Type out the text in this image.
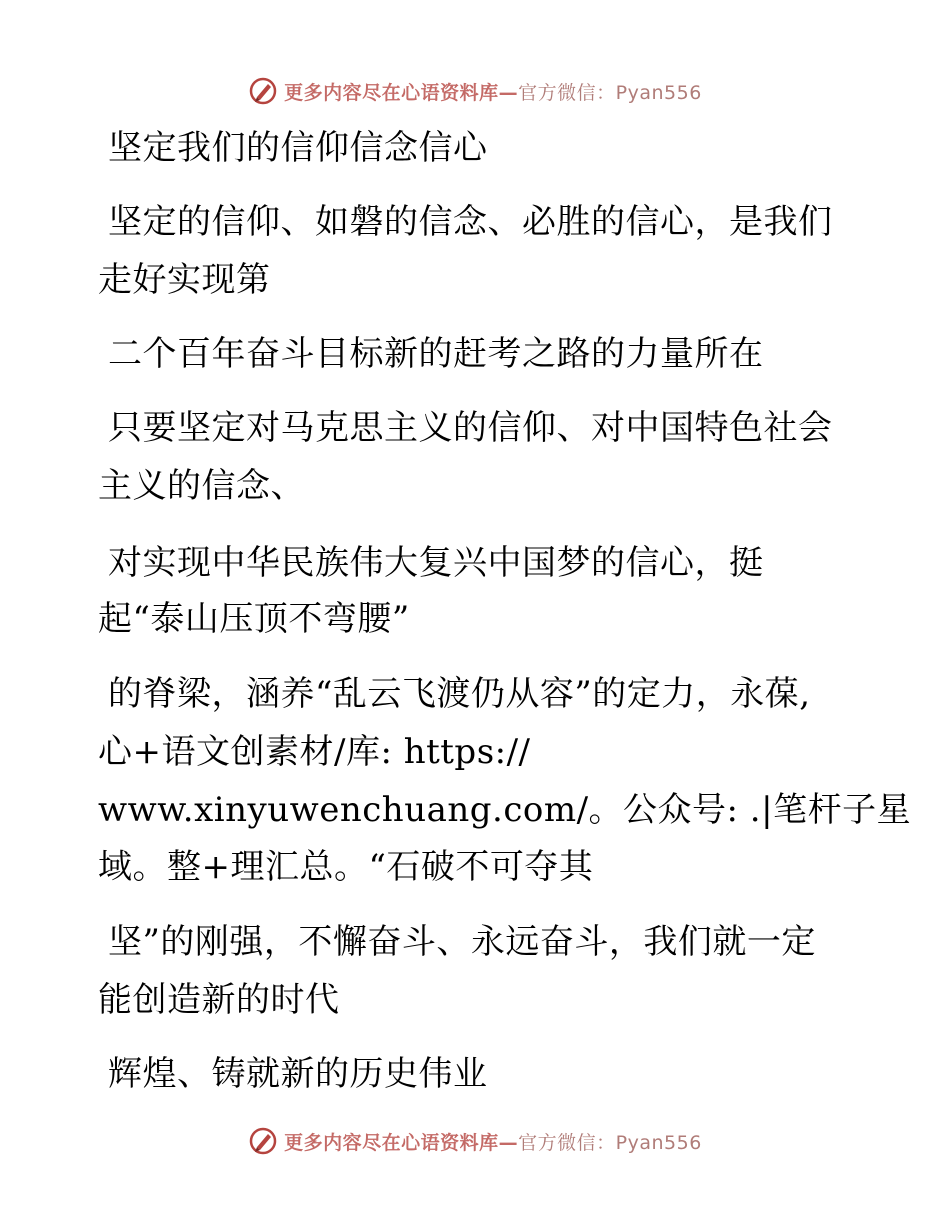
更多内容尽在心语资料库—官方微信：Pyan556
坚定我们的信仰信念信心
坚定的信仰、如磐的信念、必胜的信心，是我们
走好实现第
二个百年奋斗目标新的赶考之路的力量所在
只要坚定对马克思主义的信仰、对中国特色社会
主义的信念、
对实现中华民族伟大复兴中国梦的信心，挺
起“泰山压顶不弯腰”
的脊梁，涵养“乱云飞渡仍从容”的定力，永葆,
心+语文创素材/库: https://
www.xinyuwenchuang.com/。公众号: .|笔杆子星
域。整+理汇总。“石破不可夺其
坚”的刚强，不懈奋斗、永远奋斗，我们就一定
能创造新的时代
辉煌、铸就新的历史伟业
更多内容尽在心语资料库—官方微信：Pyan556
